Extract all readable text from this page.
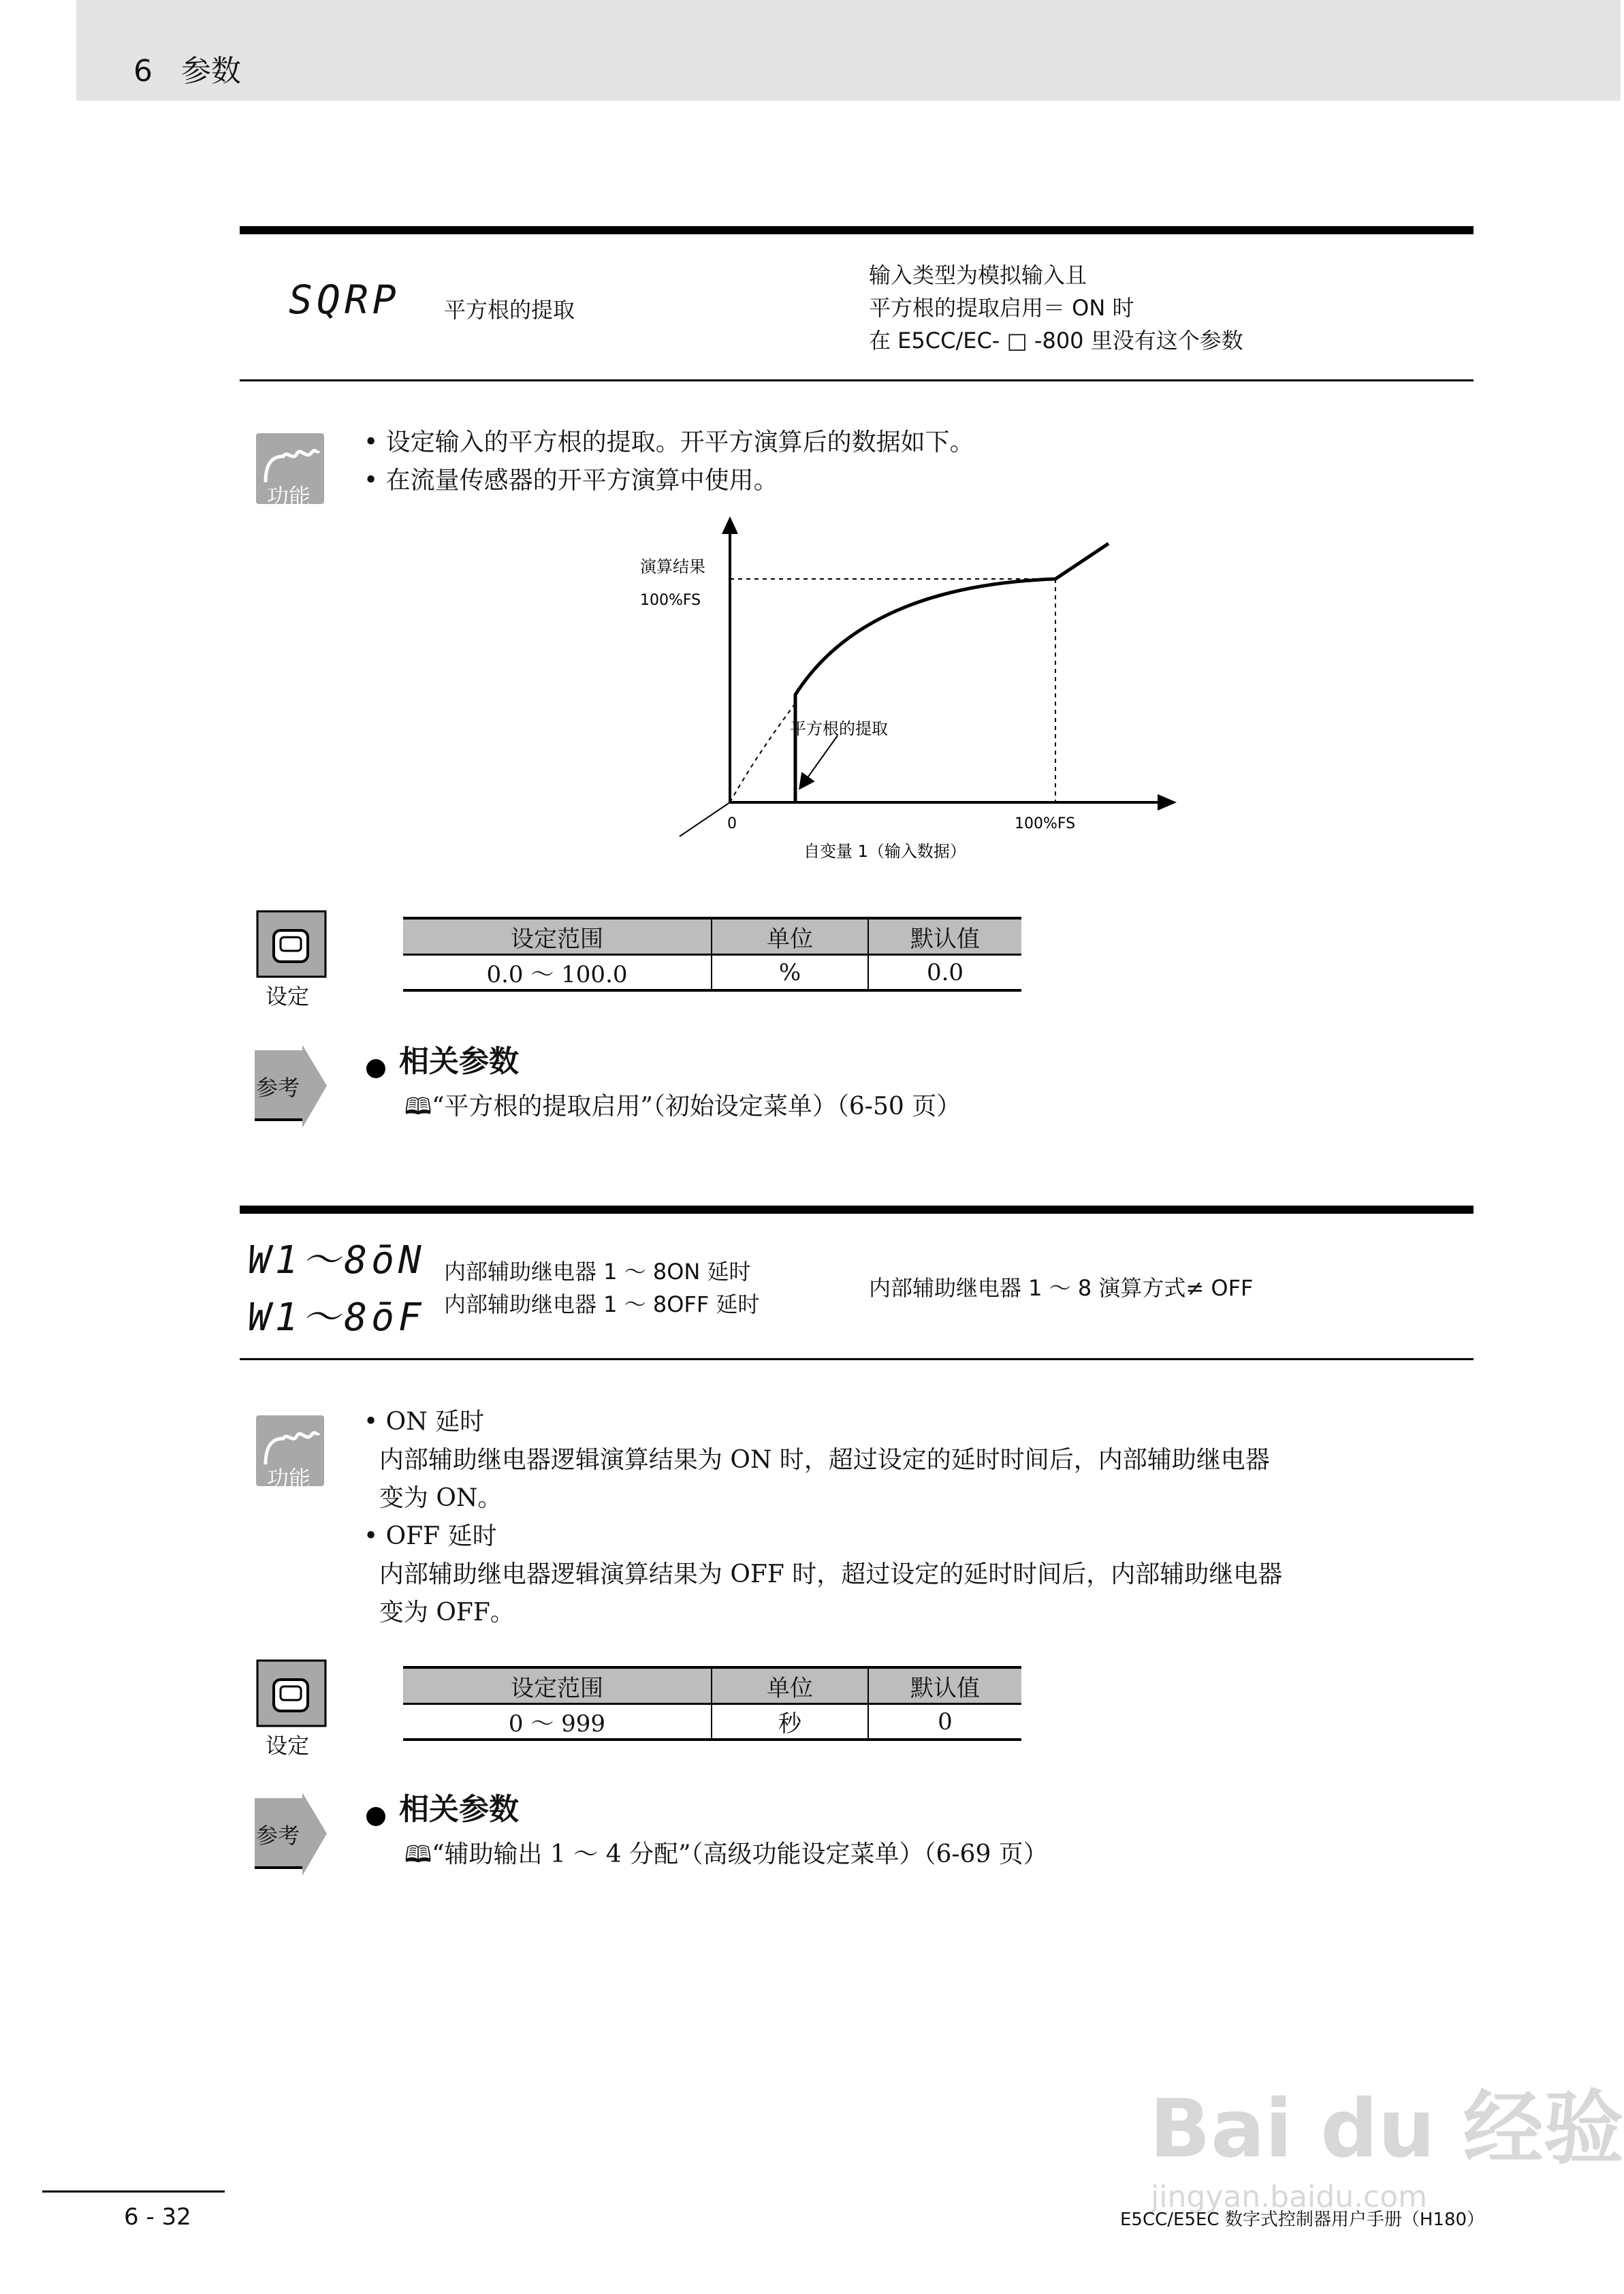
6 参数
SQRP 平方根的提取
输入类型为模拟输入且
平方根的提取启用＝ ON 时
在 E5CC/EC- □ -800 里没有这个参数
功能
• 设定输入的平方根的提取。开平方演算后的数据如下。
• 在流量传感器的开平方演算中使用。
平方根的提取
演算结果
100%FS
0	100%FS
自变量 1（输入数据）
设定
设定范围	单位	默认值
0.0 ～ 100.0	%	0.0
参考
相关参数
🕮“平方根的提取启用”（初始设定菜单）（6-50 页）
W1～8ōN
W1～8ōF
内部辅助继电器 1 ～ 8ON 延时
内部辅助继电器 1 ～ 8OFF 延时
内部辅助继电器 1 ～ 8 演算方式≠ OFF
功能
• ON 延时
内部辅助继电器逻辑演算结果为 ON 时，超过设定的延时时间后，内部辅助继电器
变为 ON。
• OFF 延时
内部辅助继电器逻辑演算结果为 OFF 时，超过设定的延时时间后，内部辅助继电器
变为 OFF。
设定
设定范围	单位	默认值
0 ～ 999	秒	0
参考
相关参数
🕮“辅助输出 1 ～ 4 分配”（高级功能设定菜单）（6-69 页）
Bai du 经验
jingyan.baidu.com
6 - 32	E5CC/E5EC 数字式控制器用户手册（H180）
